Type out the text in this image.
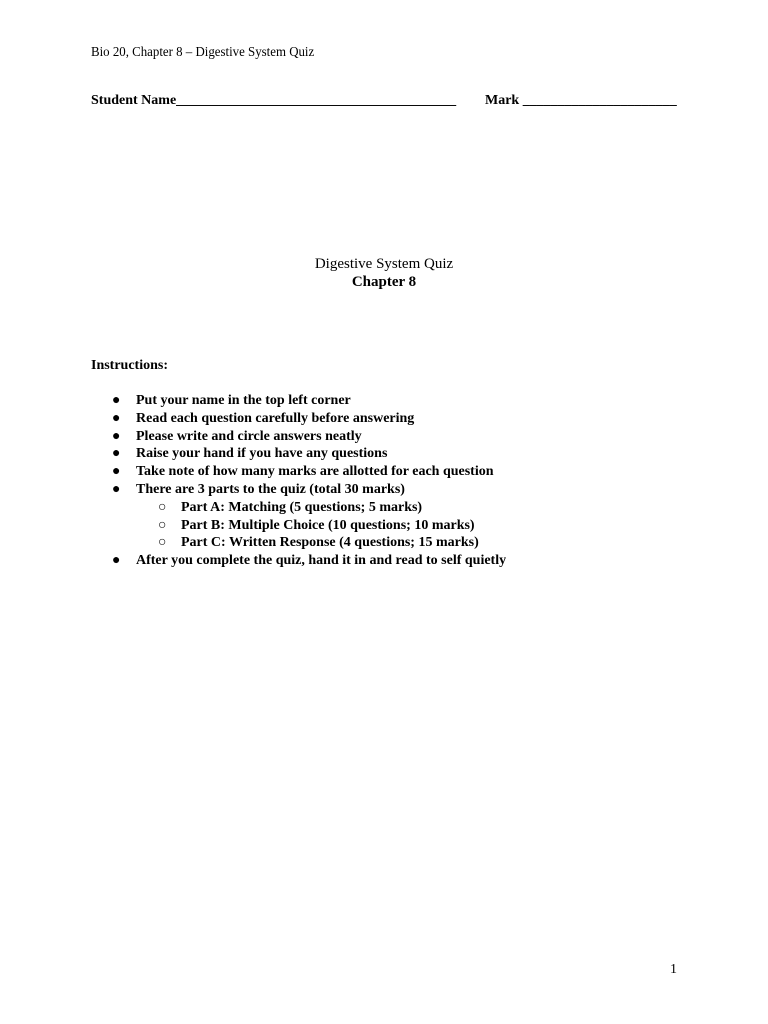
Bio 20, Chapter 8 – Digestive System Quiz
Student Name________________________________________ Mark ______________________
Digestive System Quiz
Chapter 8
Instructions:
● Put your name in the top left corner
● Read each question carefully before answering
● Please write and circle answers neatly
● Raise your hand if you have any questions
● Take note of how many marks are allotted for each question
● There are 3 parts to the quiz (total 30 marks)
○ Part A: Matching (5 questions; 5 marks)
○ Part B: Multiple Choice (10 questions; 10 marks)
○ Part C: Written Response (4 questions; 15 marks)
● After you complete the quiz, hand it in and read to self quietly
1
